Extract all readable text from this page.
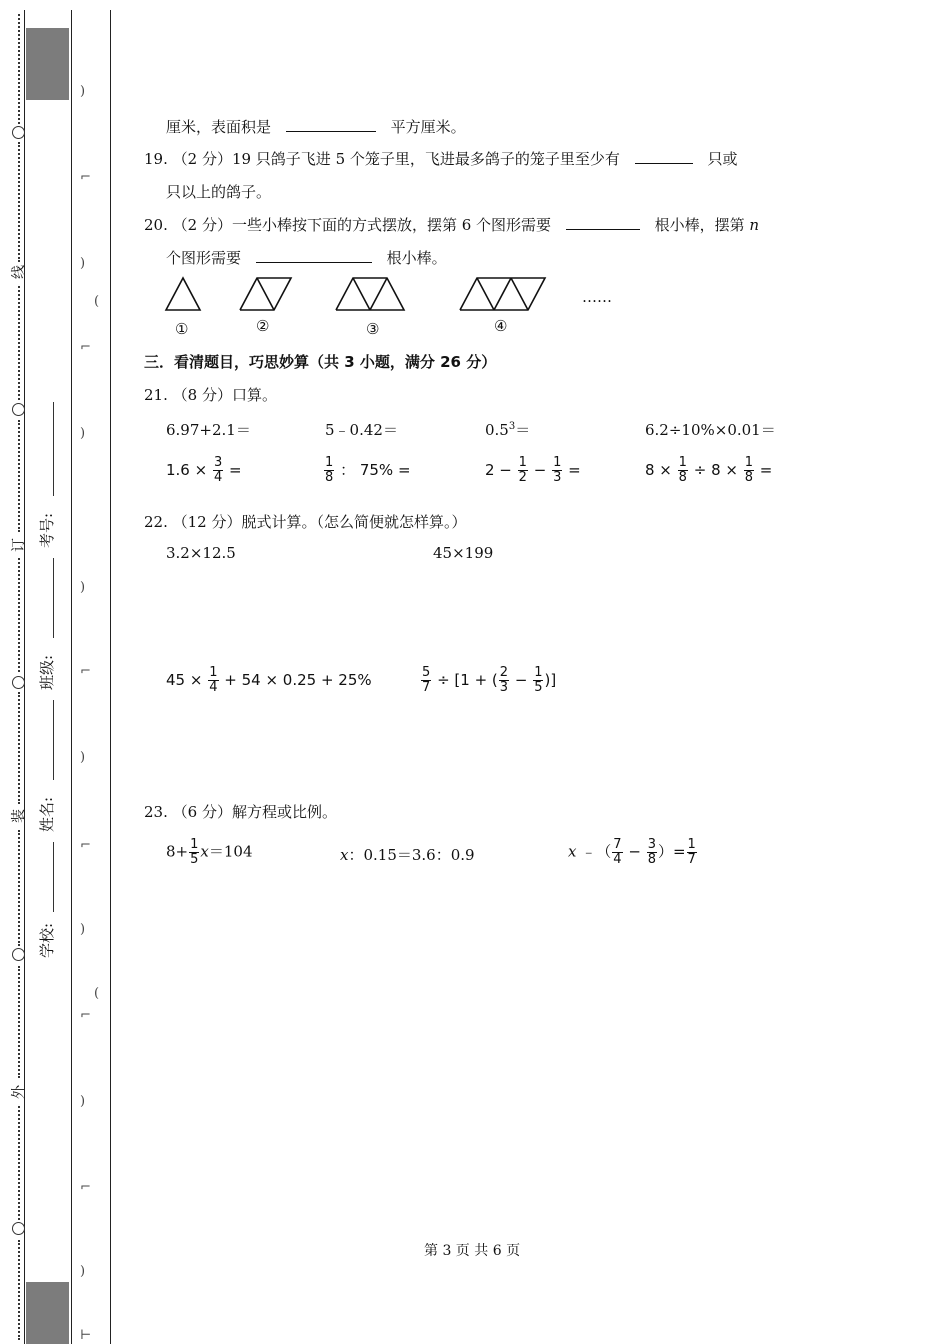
线
订
装
外
考号:
班级:
姓名:
学校:
)
⌐
)
(
⌐
)
)
⌐
⌐
)
)
(
⌐
)
⌐
)
⊢
厘米，表面积是	平方厘米。
19. （2 分）19 只鸽子飞进 5 个笼子里，飞进最多鸽子的笼子里至少有	只或
只以上的鸽子。
20. （2 分）一些小棒按下面的方式摆放，摆第 6 个图形需要	根小棒，摆第 n
个图形需要	根小棒。
①	②	③	④
……
三．看清题目，巧思妙算（共 3 小题，满分 26 分）
21. （8 分）口算。
6.97+2.1＝	5﹣0.42＝	$0.5^3=$	6.2÷10%×0.01＝
$1.6 \times \frac{3}{4}$ =	$\frac{1}{8}$ ： 75% =	$2 - \frac{1}{2} - \frac{1}{3}$ =	$8 \times \frac{1}{8} \div 8 \times \frac{1}{8}$ =
22. （12 分）脱式计算。（怎么简便就怎样算。）
3.2×12.5	45×199
$45 \times \frac{1}{4} + 54 \times 0.25 + 25\%$	$\frac{5}{7} \div [1$ + ( $\frac{2}{3} - \frac{1}{5}$ )]
23. （6 分）解方程或比例。
$8+ \frac{1}{5} x=104$	x：0.15＝3.6：0.9	x ﹣（ $\frac{7}{4} - \frac{3}{8}$ ）= $\frac{1}{7}$
第 3 页 共 6 页
